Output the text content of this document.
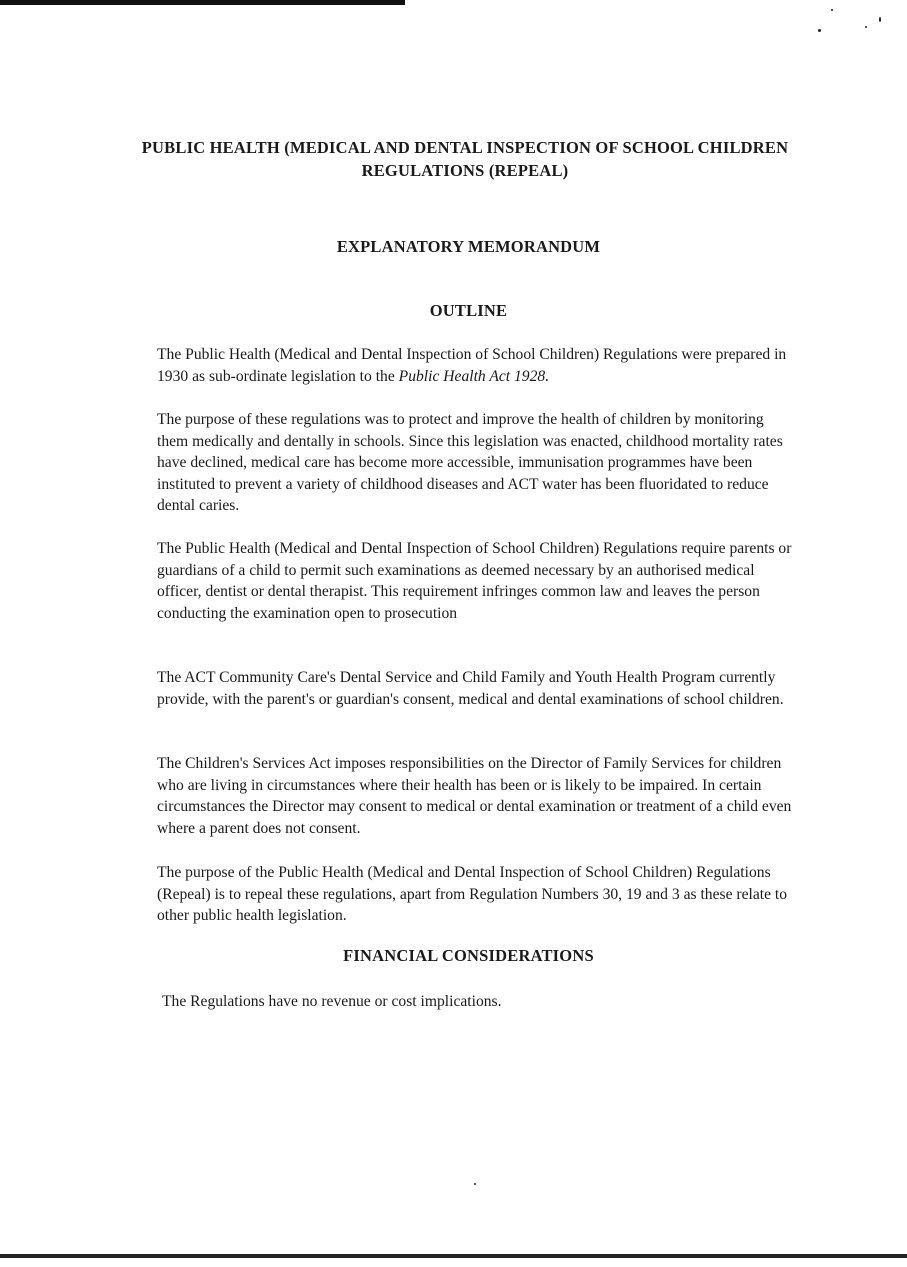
PUBLIC HEALTH (MEDICAL AND DENTAL INSPECTION OF SCHOOL CHILDREN REGULATIONS (REPEAL)
EXPLANATORY MEMORANDUM
OUTLINE

The Public Health (Medical and Dental Inspection of School Children) Regulations were prepared in 1930 as sub-ordinate legislation to the Public Health Act 1928.

The purpose of these regulations was to protect and improve the health of children by monitoring them medically and dentally in schools. Since this legislation was enacted, childhood mortality rates have declined, medical care has become more accessible, immunisation programmes have been instituted to prevent a variety of childhood diseases and ACT water has been fluoridated to reduce dental caries.

The Public Health (Medical and Dental Inspection of School Children) Regulations require parents or guardians of a child to permit such examinations as deemed necessary by an authorised medical officer, dentist or dental therapist. This requirement infringes common law and leaves the person conducting the examination open to prosecution

The ACT Community Care's Dental Service and Child Family and Youth Health Program currently provide, with the parent's or guardian's consent, medical and dental examinations of school children.

The Children's Services Act imposes responsibilities on the Director of Family Services for children who are living in circumstances where their health has been or is likely to be impaired. In certain circumstances the Director may consent to medical or dental examination or treatment of a child even where a parent does not consent.

The purpose of the Public Health (Medical and Dental Inspection of School Children) Regulations (Repeal) is to repeal these regulations, apart from Regulation Numbers 30, 19 and 3 as these relate to other public health legislation.

FINANCIAL CONSIDERATIONS

The Regulations have no revenue or cost implications.
